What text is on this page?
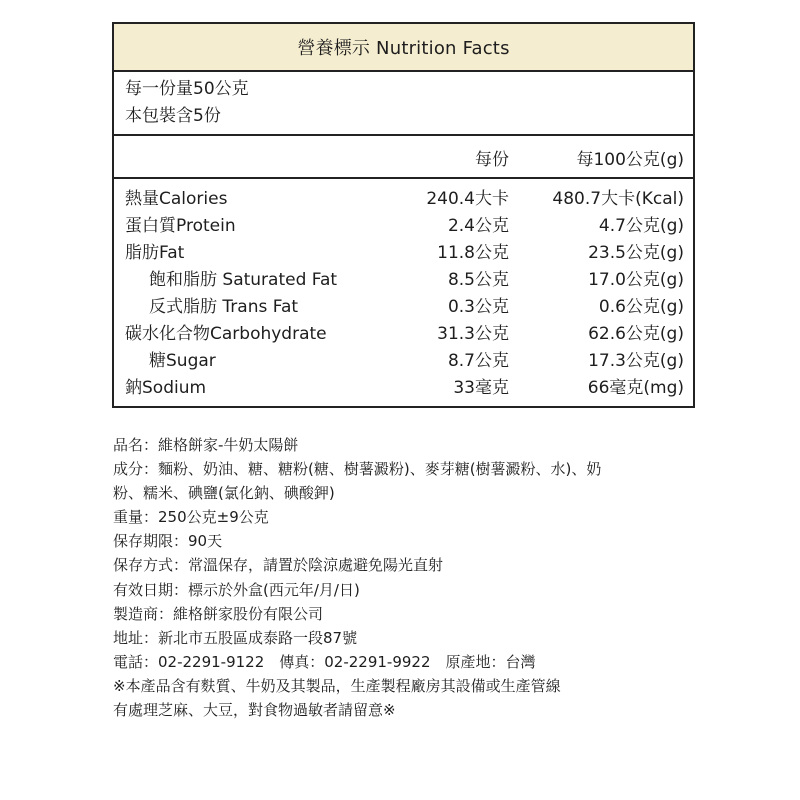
營養標示 Nutrition Facts
每一份量50公克
本包裝含5份
每份	每100公克(g)
熱量Calories	240.4大卡	480.7大卡(Kcal)
蛋白質Protein	2.4公克	4.7公克(g)
脂肪Fat	11.8公克	23.5公克(g)
飽和脂肪 Saturated Fat	8.5公克	17.0公克(g)
反式脂肪 Trans Fat	0.3公克	0.6公克(g)
碳水化合物Carbohydrate	31.3公克	62.6公克(g)
糖Sugar	8.7公克	17.3公克(g)
鈉Sodium	33毫克	66毫克(mg)
品名：維格餅家-牛奶太陽餅
成分：麵粉、奶油、糖、糖粉(糖、樹薯澱粉)、麥芽糖(樹薯澱粉、水)、奶
粉、糯米、碘鹽(氯化鈉、碘酸鉀)
重量：250公克±9公克
保存期限：90天
保存方式：常溫保存，請置於陰涼處避免陽光直射
有效日期：標示於外盒(西元年/月/日)
製造商：維格餅家股份有限公司
地址：新北市五股區成泰路一段87號
電話：02-2291-9122　傳真：02-2291-9922　原產地：台灣
※本產品含有麩質、牛奶及其製品，生產製程廠房其設備或生產管線
有處理芝麻、大豆，對食物過敏者請留意※
